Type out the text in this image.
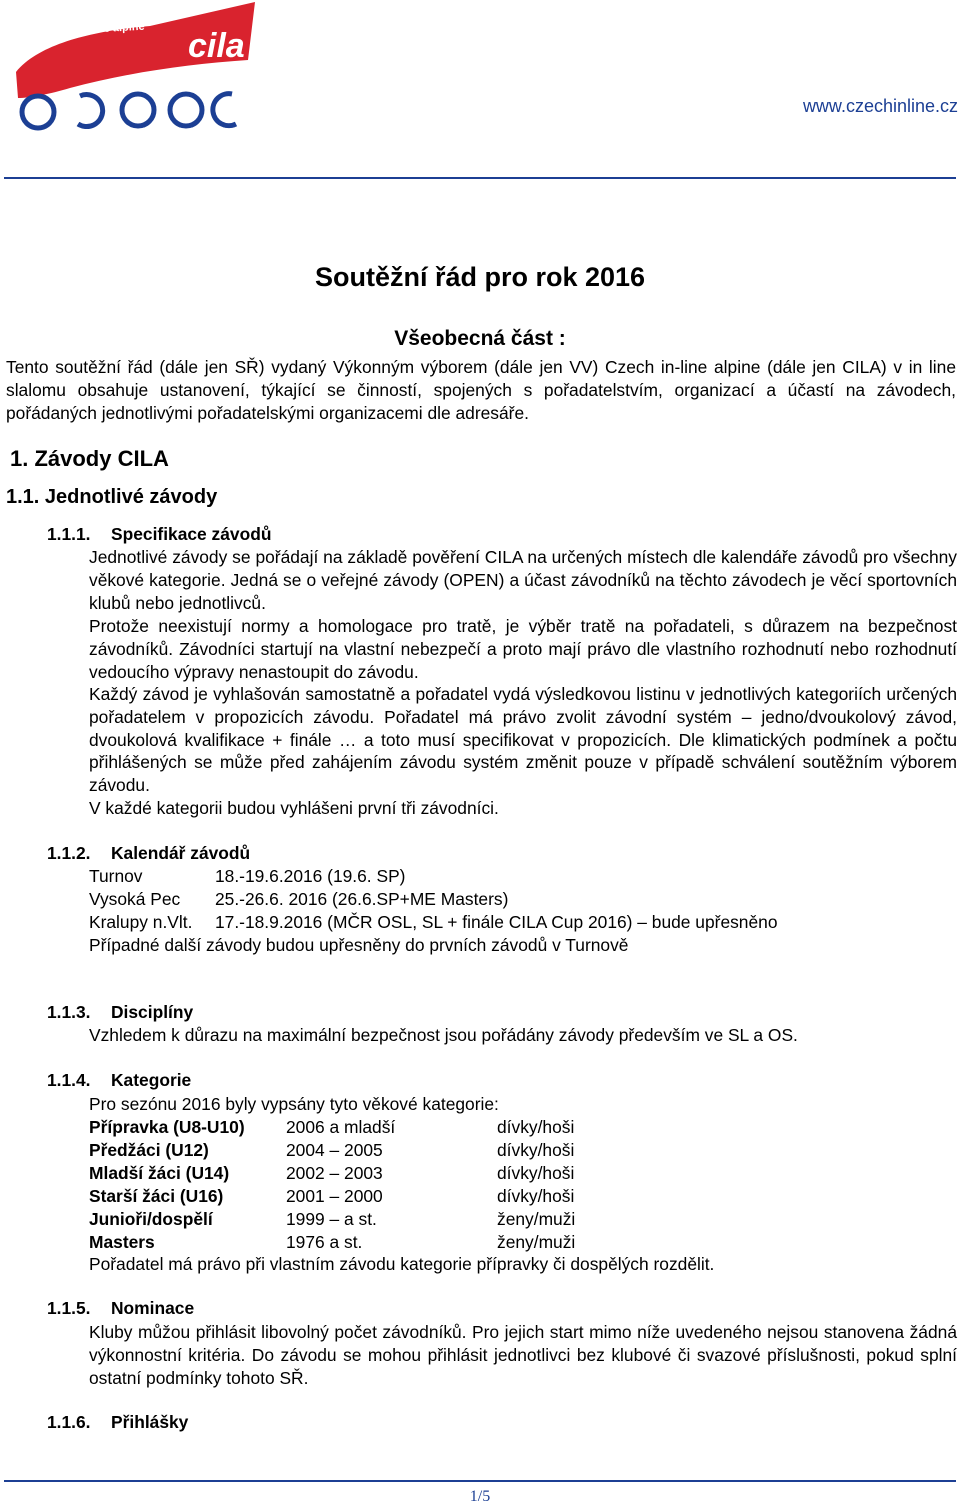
czech in-line alpine cila
www.czechinline.cz
Soutěžní řád pro rok 2016
Všeobecná část :

Tento soutěžní řád (dále jen SŘ) vydaný Výkonným výborem (dále jen VV) Czech in-line alpine (dále jen CILA) v in line slalomu obsahuje ustanovení, týkající se činností, spojených s pořadatelstvím, organizací a účastí na závodech, pořádaných jednotlivými pořadatelskými organizacemi dle adresáře.

1. Závody CILA
1.1. Jednotlivé závody
1.1.1. Specifikace závodů

Jednotlivé závody se pořádají na základě pověření CILA na určených místech dle kalendáře závodů pro všechny věkové kategorie. Jedná se o veřejné závody (OPEN) a účast závodníků na těchto závodech je věcí sportovních klubů nebo jednotlivců.

Protože neexistují normy a homologace pro tratě, je výběr tratě na pořadateli, s důrazem na bezpečnost závodníků. Závodníci startují na vlastní nebezpečí a proto mají právo dle vlastního rozhodnutí nebo rozhodnutí vedoucího výpravy nenastoupit do závodu.

Každý závod je vyhlašován samostatně a pořadatel vydá výsledkovou listinu v jednotlivých kategoriích určených pořadatelem v propozicích závodu. Pořadatel má právo zvolit závodní systém – jedno/dvoukolový závod, dvoukolová kvalifikace + finále … a toto musí specifikovat v propozicích. Dle klimatických podmínek a počtu přihlášených se může před zahájením závodu systém změnit pouze v případě schválení soutěžním výborem závodu.

V každé kategorii budou vyhlášeni první tři závodníci.

1.1.2. Kalendář závodů
Turnov	18.-19.6.2016 (19.6. SP)
Vysoká Pec 25.-26.6. 2016 (26.6.SP+ME Masters)
Kralupy n.Vlt. 17.-18.9.2016 (MČR OSL, SL + finále CILA Cup 2016) – bude upřesněno
Případné další závody budou upřesněny do prvních závodů v Turnově
1.1.3. Disciplíny
Vzhledem k důrazu na maximální bezpečnost jsou pořádány závody především ve SL a OS.
1.1.4. Kategorie
Pro sezónu 2016 byly vypsány tyto věkové kategorie:
Přípravka (U8-U10) 2006 a mladší	dívky/hoši
Předžáci (U12)	2004 – 2005	dívky/hoši
Mladší žáci (U14)	2002 – 2003	dívky/hoši
Starší žáci (U16)	2001 – 2000	dívky/hoši
Junioři/dospělí	1999 – a st.	ženy/muži
Masters	1976 a st.	ženy/muži
Pořadatel má právo při vlastním závodu kategorie přípravky či dospělých rozdělit.
1.1.5. Nominace

Kluby můžou přihlásit libovolný počet závodníků. Pro jejich start mimo níže uvedeného nejsou stanovena žádná výkonnostní kritéria. Do závodu se mohou přihlásit jednotlivci bez klubové či svazové příslušnosti, pokud splní ostatní podmínky tohoto SŘ.

1.1.6. Přihlášky
1/5
